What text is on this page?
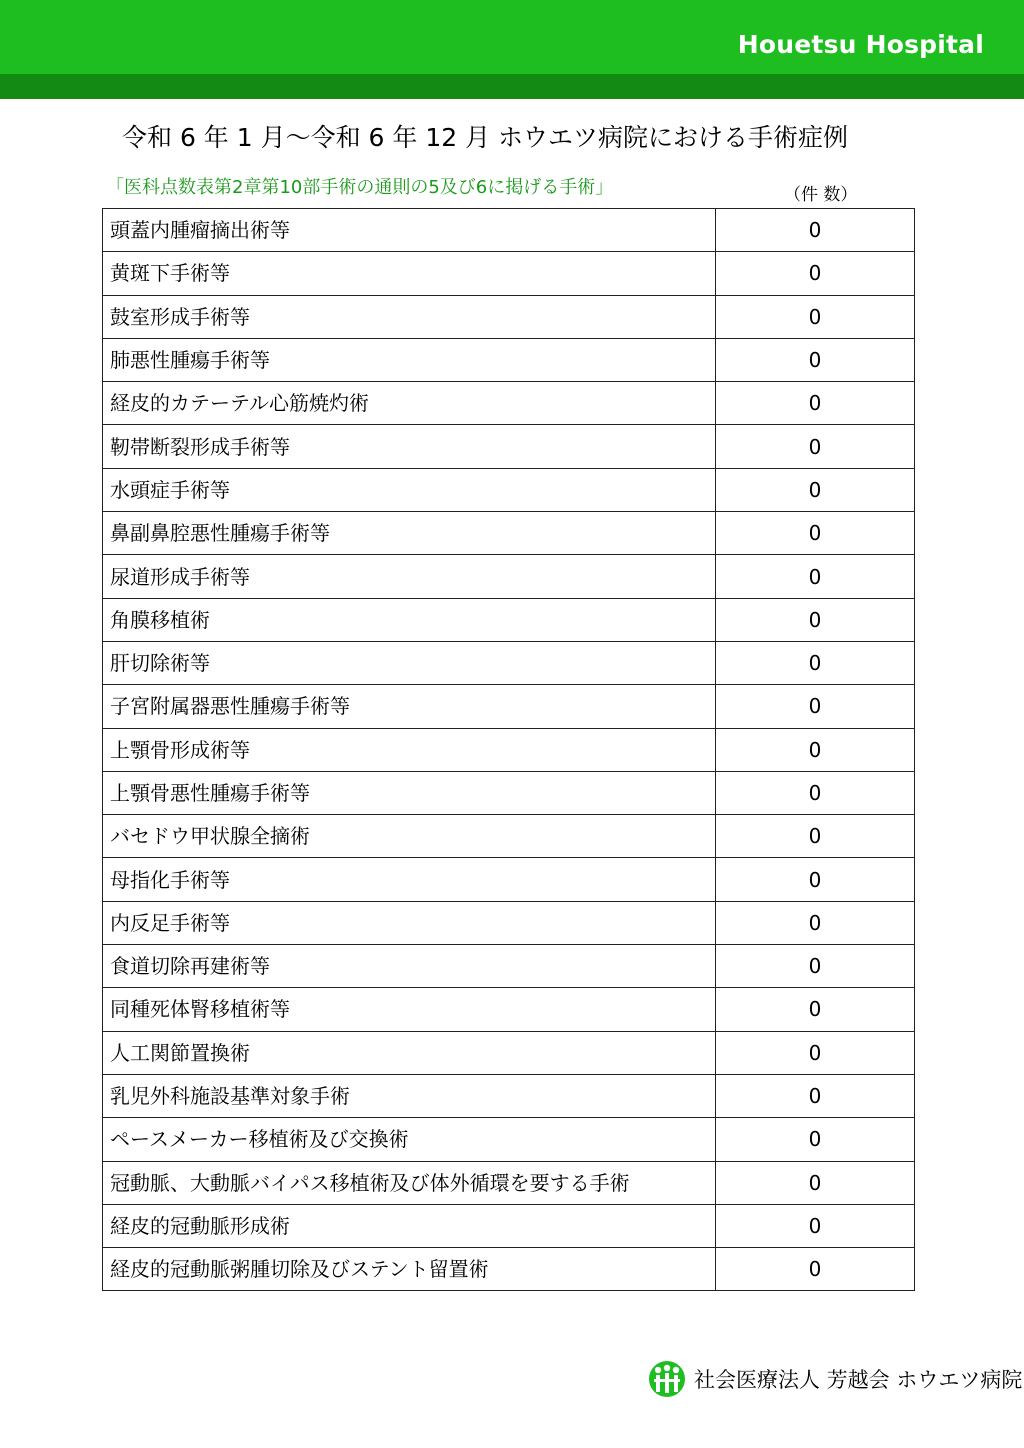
Houetsu Hospital
令和 6 年 1 月～令和 6 年 12 月 ホウエツ病院における手術症例
「医科点数表第2章第10部手術の通則の5及び6に掲げる手術」	（件 数）
頭蓋内腫瘤摘出術等	0
黄斑下手術等	0
鼓室形成手術等	0
肺悪性腫瘍手術等	0
経皮的カテーテル心筋焼灼術	0
靭帯断裂形成手術等	0
水頭症手術等	0
鼻副鼻腔悪性腫瘍手術等	0
尿道形成手術等	0
角膜移植術	0
肝切除術等	0
子宮附属器悪性腫瘍手術等	0
上顎骨形成術等	0
上顎骨悪性腫瘍手術等	0
バセドウ甲状腺全摘術	0
母指化手術等	0
内反足手術等	0
食道切除再建術等	0
同種死体腎移植術等	0
人工関節置換術	0
乳児外科施設基準対象手術	0
ペースメーカー移植術及び交換術	0
冠動脈、大動脈バイパス移植術及び体外循環を要する手術	0
経皮的冠動脈形成術	0
経皮的冠動脈粥腫切除及びステント留置術	0
社会医療法人 芳越会 ホウエツ病院
